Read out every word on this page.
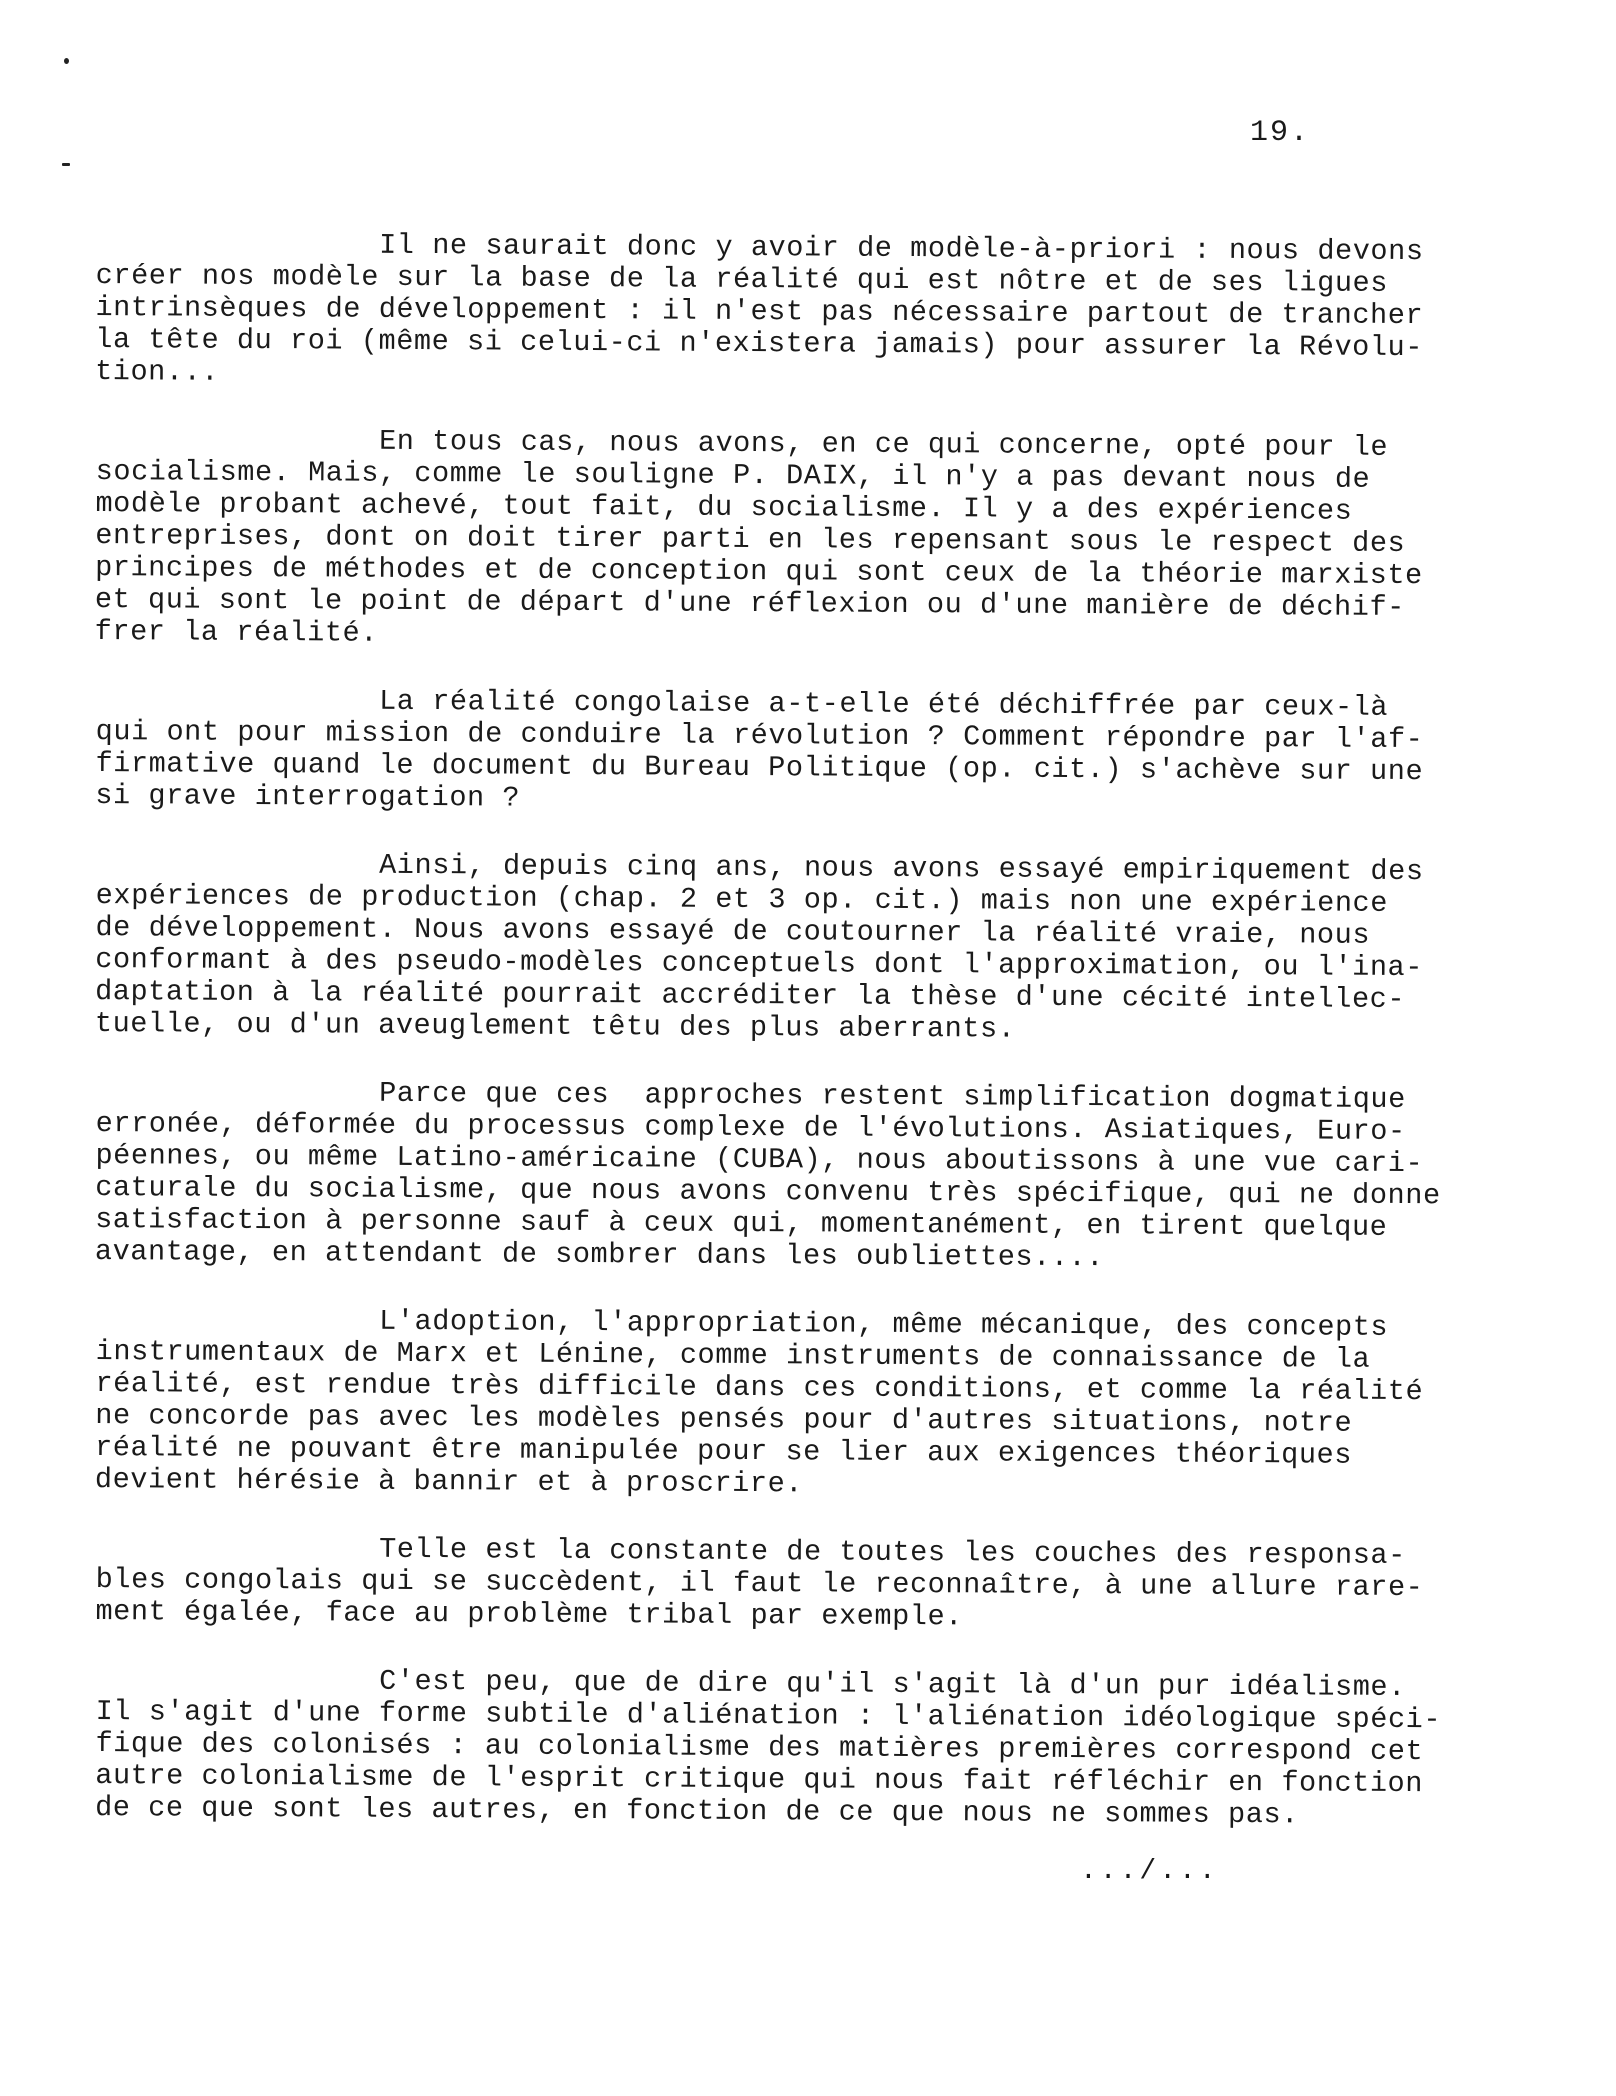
19.

Il ne saurait donc y avoir de modèle-à-priori : nous devons
créer nos modèle sur la base de la réalité qui est nôtre et de ses ligues
intrinsèques de développement : il n'est pas nécessaire partout de trancher
la tête du roi (même si celui-ci n'existera jamais) pour assurer la Révolu-
tion...

En tous cas, nous avons, en ce qui concerne, opté pour le
socialisme. Mais, comme le souligne P. DAIX, il n'y a pas devant nous de
modèle probant achevé, tout fait, du socialisme. Il y a des expériences
entreprises, dont on doit tirer parti en les repensant sous le respect des
principes de méthodes et de conception qui sont ceux de la théorie marxiste
et qui sont le point de départ d'une réflexion ou d'une manière de déchif-
frer la réalité.

La réalité congolaise a-t-elle été déchiffrée par ceux-là
qui ont pour mission de conduire la révolution ? Comment répondre par l'af-
firmative quand le document du Bureau Politique (op. cit.) s'achève sur une
si grave interrogation ?

Ainsi, depuis cinq ans, nous avons essayé empiriquement des
expériences de production (chap. 2 et 3 op. cit.) mais non une expérience
de développement. Nous avons essayé de coutourner la réalité vraie, nous
conformant à des pseudo-modèles conceptuels dont l'approximation, ou l'ina-
daptation à la réalité pourrait accréditer la thèse d'une cécité intellec-
tuelle, ou d'un aveuglement têtu des plus aberrants.

Parce que ces  approches restent simplification dogmatique
erronée, déformée du processus complexe de l'évolutions. Asiatiques, Euro-
péennes, ou même Latino-américaine (CUBA), nous aboutissons à une vue cari-
caturale du socialisme, que nous avons convenu très spécifique, qui ne donne
satisfaction à personne sauf à ceux qui, momentanément, en tirent quelque
avantage, en attendant de sombrer dans les oubliettes....

L'adoption, l'appropriation, même mécanique, des concepts
instrumentaux de Marx et Lénine, comme instruments de connaissance de la
réalité, est rendue très difficile dans ces conditions, et comme la réalité
ne concorde pas avec les modèles pensés pour d'autres situations, notre
réalité ne pouvant être manipulée pour se lier aux exigences théoriques
devient hérésie à bannir et à proscrire.

Telle est la constante de toutes les couches des responsa-
bles congolais qui se succèdent, il faut le reconnaître, à une allure rare-
ment égalée, face au problème tribal par exemple.

C'est peu, que de dire qu'il s'agit là d'un pur idéalisme.
Il s'agit d'une forme subtile d'aliénation : l'aliénation idéologique spéci-
fique des colonisés : au colonialisme des matières premières correspond cet
autre colonialisme de l'esprit critique qui nous fait réfléchir en fonction
de ce que sont les autres, en fonction de ce que nous ne sommes pas.

.../...
